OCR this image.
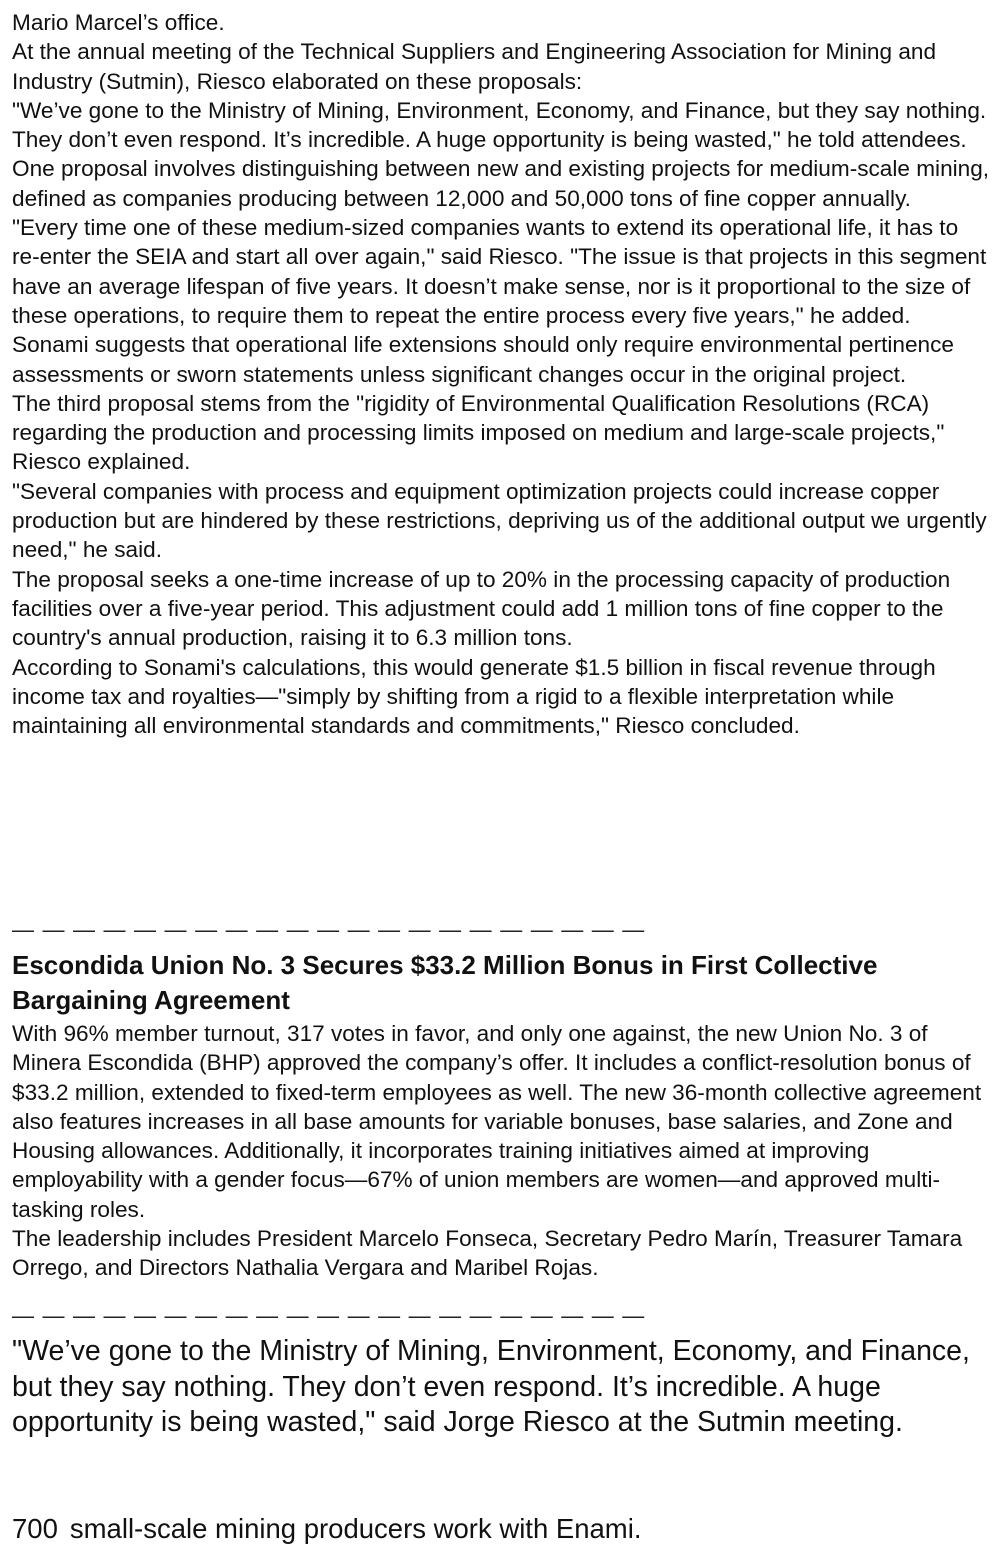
Mario Marcel’s office.

At the annual meeting of the Technical Suppliers and Engineering Association for Mining and Industry (Sutmin), Riesco elaborated on these proposals:

"We’ve gone to the Ministry of Mining, Environment, Economy, and Finance, but they say nothing. They don’t even respond. It’s incredible. A huge opportunity is being wasted," he told attendees.

One proposal involves distinguishing between new and existing projects for medium-scale mining, defined as companies producing between 12,000 and 50,000 tons of fine copper annually.

"Every time one of these medium-sized companies wants to extend its operational life, it has to re-enter the SEIA and start all over again," said Riesco. "The issue is that projects in this segment have an average lifespan of five years. It doesn’t make sense, nor is it proportional to the size of these operations, to require them to repeat the entire process every five years," he added.

Sonami suggests that operational life extensions should only require environmental pertinence assessments or sworn statements unless significant changes occur in the original project.

The third proposal stems from the "rigidity of Environmental Qualification Resolutions (RCA) regarding the production and processing limits imposed on medium and large-scale projects," Riesco explained.

"Several companies with process and equipment optimization projects could increase copper production but are hindered by these restrictions, depriving us of the additional output we urgently need," he said.

The proposal seeks a one-time increase of up to 20% in the processing capacity of production facilities over a five-year period. This adjustment could add 1 million tons of fine copper to the country's annual production, raising it to 6.3 million tons.

According to Sonami's calculations, this would generate $1.5 billion in fiscal revenue through income tax and royalties—"simply by shifting from a rigid to a flexible interpretation while maintaining all environmental standards and commitments," Riesco concluded.

— — — — — — — — — — — — — — — — — — — — —
Escondida Union No. 3 Secures $33.2 Million Bonus in First Collective Bargaining Agreement

With 96% member turnout, 317 votes in favor, and only one against, the new Union No. 3 of Minera Escondida (BHP) approved the company’s offer. It includes a conflict-resolution bonus of $33.2 million, extended to fixed-term employees as well. The new 36-month collective agreement also features increases in all base amounts for variable bonuses, base salaries, and Zone and Housing allowances. Additionally, it incorporates training initiatives aimed at improving employability with a gender focus—67% of union members are women—and approved multi-tasking roles.

The leadership includes President Marcelo Fonseca, Secretary Pedro Marín, Treasurer Tamara Orrego, and Directors Nathalia Vergara and Maribel Rojas.

— — — — — — — — — — — — — — — — — — — — —

"We’ve gone to the Ministry of Mining, Environment, Economy, and Finance, but they say nothing. They don’t even respond. It’s incredible. A huge opportunity is being wasted," said Jorge Riesco at the Sutmin meeting.

700 small-scale mining producers work with Enami.
